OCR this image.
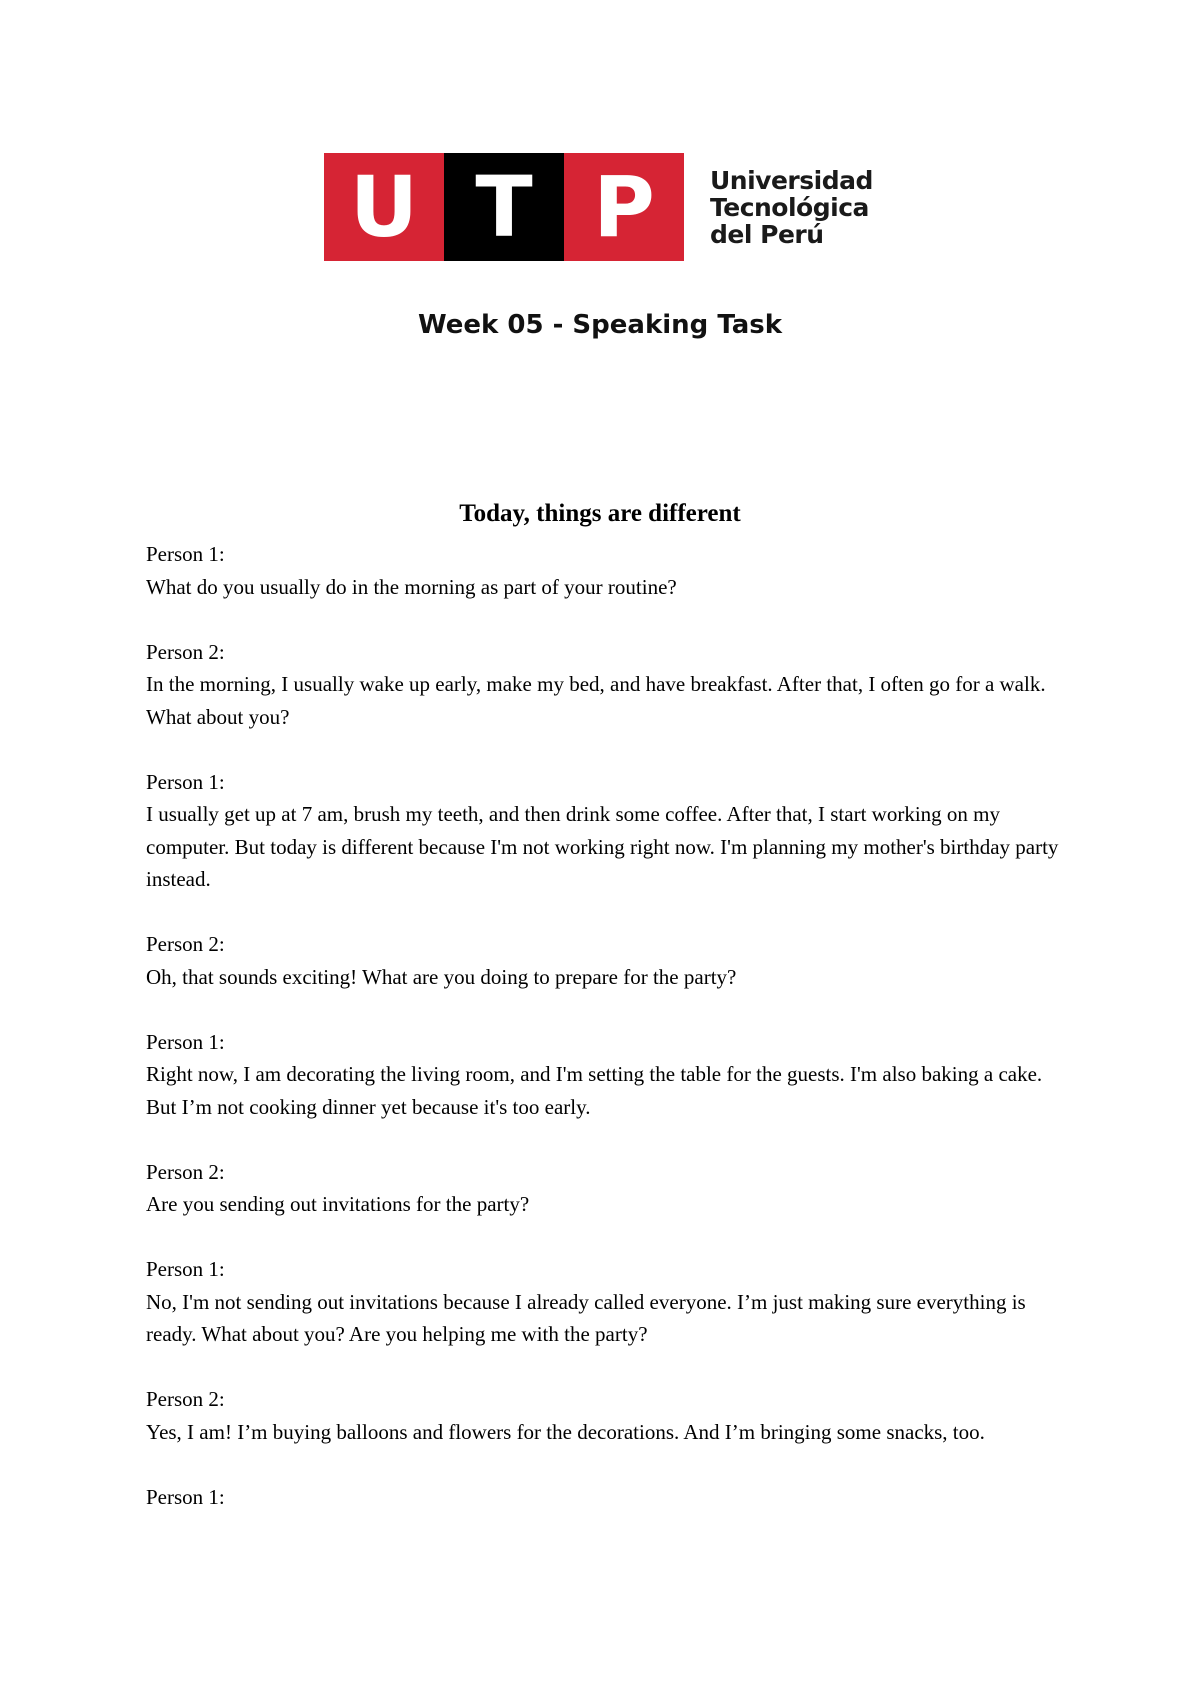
U T P	Universidad
Tecnológica
del Perú
Week 05 - Speaking Task
Today, things are different
Person 1:
What do you usually do in the morning as part of your routine?
Person 2:
In the morning, I usually wake up early, make my bed, and have breakfast. After that, I often go for a walk. What about you?
Person 1:
I usually get up at 7 am, brush my teeth, and then drink some coffee. After that, I start working on my computer. But today is different because I'm not working right now. I'm planning my mother's birthday party instead.
Person 2:
Oh, that sounds exciting! What are you doing to prepare for the party?
Person 1:
Right now, I am decorating the living room, and I'm setting the table for the guests. I'm also baking a cake. But I’m not cooking dinner yet because it's too early.
Person 2:
Are you sending out invitations for the party?
Person 1:
No, I'm not sending out invitations because I already called everyone. I’m just making sure everything is ready. What about you? Are you helping me with the party?
Person 2:
Yes, I am! I’m buying balloons and flowers for the decorations. And I’m bringing some snacks, too.
Person 1:
